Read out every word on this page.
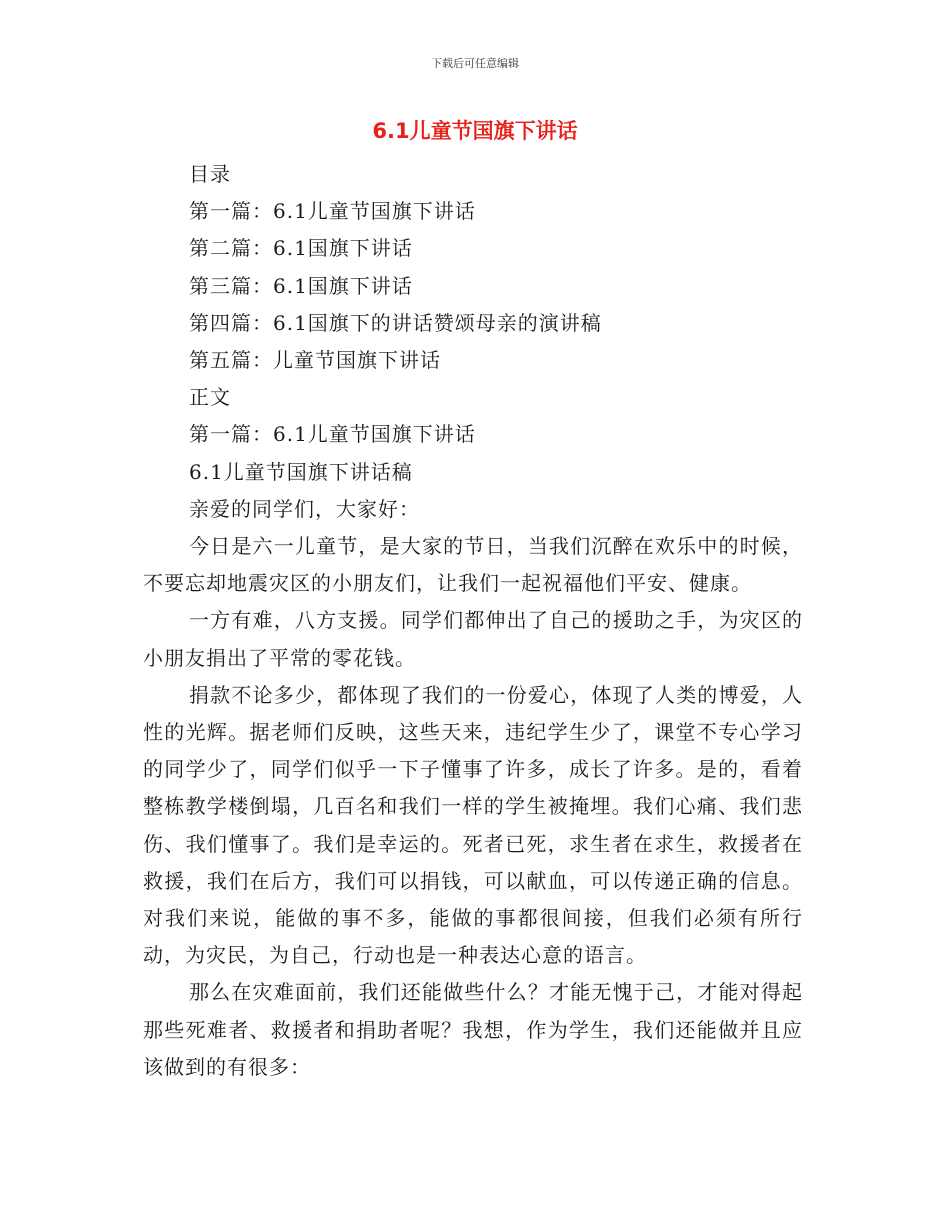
下载后可任意编辑
6.1儿童节国旗下讲话
目录
第一篇：6.1儿童节国旗下讲话
第二篇：6.1国旗下讲话
第三篇：6.1国旗下讲话
第四篇：6.1国旗下的讲话赞颂母亲的演讲稿
第五篇：儿童节国旗下讲话
正文
第一篇：6.1儿童节国旗下讲话
6.1儿童节国旗下讲话稿
亲爱的同学们，大家好：
今日是六一儿童节，是大家的节日，当我们沉醉在欢乐中的时候，不要忘却地震灾区的小朋友们，让我们一起祝福他们平安、健康。
一方有难，八方支援。同学们都伸出了自己的援助之手，为灾区的小朋友捐出了平常的零花钱。
捐款不论多少，都体现了我们的一份爱心，体现了人类的博爱，人性的光辉。据老师们反映，这些天来，违纪学生少了，课堂不专心学习的同学少了，同学们似乎一下子懂事了许多，成长了许多。是的，看着整栋教学楼倒塌，几百名和我们一样的学生被掩埋。我们心痛、我们悲伤、我们懂事了。我们是幸运的。死者已死，求生者在求生，救援者在救援，我们在后方，我们可以捐钱，可以献血，可以传递正确的信息。对我们来说，能做的事不多，能做的事都很间接，但我们必须有所行动，为灾民，为自己，行动也是一种表达心意的语言。
那么在灾难面前，我们还能做些什么？才能无愧于己，才能对得起那些死难者、救援者和捐助者呢？我想，作为学生，我们还能做并且应该做到的有很多：
